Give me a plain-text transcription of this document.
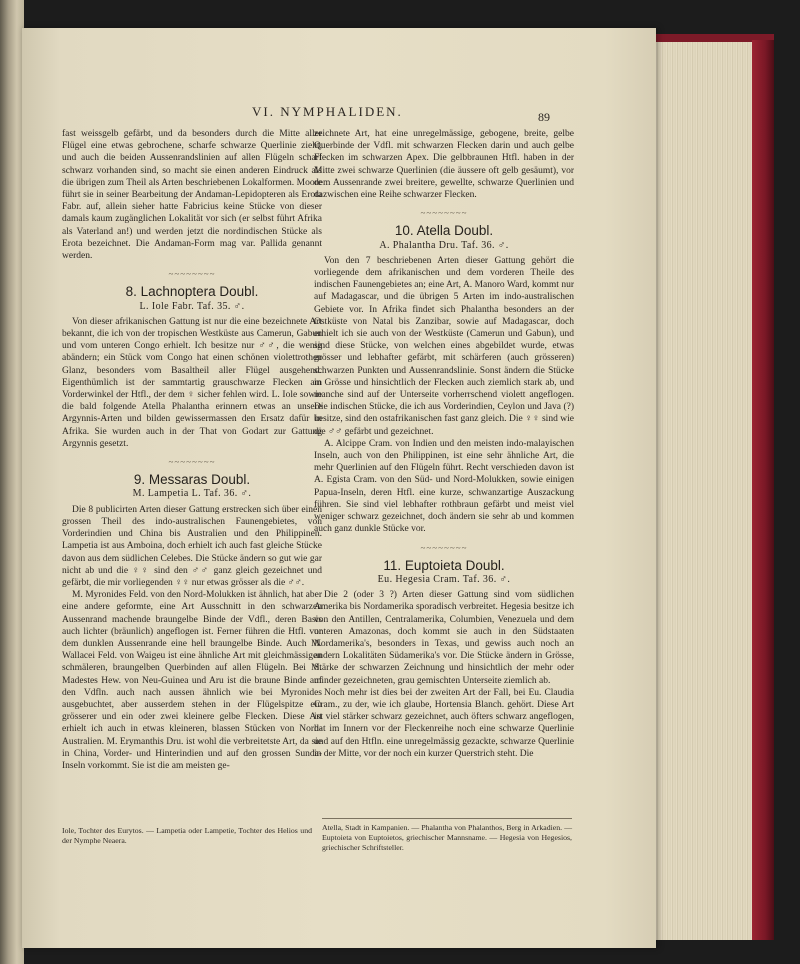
VI. NYMPHALIDEN.	89

fast weissgelb gefärbt, und da besonders durch die Mitte aller Flügel eine etwas gebrochene, scharfe schwarze Querlinie zieht, und auch die beiden Aussenrandslinien auf allen Flügeln scharf schwarz vorhanden sind, so macht sie einen anderen Eindruck als die übrigen zum Theil als Arten beschriebenen Lokalformen. Moore führt sie in seiner Bearbeitung der Andaman-Lepidopteren als Erota Fabr. auf, allein sieher hatte Fabricius keine Stücke von dieser damals kaum zugänglichen Lokalität vor sich (er selbst führt Afrika als Vaterland an!) und werden jetzt die nordindischen Stücke als Erota bezeichnet. Die Andaman-Form mag var. Pallida genannt werden.

~~~~~~~~
8. Lachnoptera Doubl.
L. Iole Fabr. Taf. 35. ♂.

Von dieser afrikanischen Gattung ist nur die eine bezeichnete Art bekannt, die ich von der tropischen Westküste aus Camerun, Gabun und vom unteren Congo erhielt. Ich besitze nur ♂♂, die wenig abändern; ein Stück vom Congo hat einen schönen violettrothen Glanz, besonders vom Basaltheil aller Flügel ausgehend. Eigenthümlich ist der sammtartig grauschwarze Flecken am Vorderwinkel der Htfl., der dem ♀ sicher fehlen wird. L. Iole sowie die bald folgende Atella Phalantha erinnern etwas an unsere Argynnis-Arten und bilden gewissermassen den Ersatz dafür in Afrika. Sie wurden auch in der That von Godart zur Gattung Argynnis gesetzt.

~~~~~~~~
9. Messaras Doubl.
M. Lampetia L. Taf. 36. ♂.

Die 8 publicirten Arten dieser Gattung erstrecken sich über einen grossen Theil des indo-australischen Faunengebietes, von Vorderindien und China bis Australien und den Philippinen. Lampetia ist aus Amboina, doch erhielt ich auch fast gleiche Stücke davon aus dem südlichen Celebes. Die Stücke ändern so gut wie gar nicht ab und die ♀♀ sind den ♂♂ ganz gleich gezeichnet und gefärbt, die mir vorliegenden ♀♀ nur etwas grösser als die ♂♂.

M. Myronides Feld. von den Nord-Molukken ist ähnlich, hat aber eine andere geformte, eine Art Ausschnitt in den schwarzen Aussenrand machende braungelbe Binde der Vdfl., deren Basis auch lichter (bräunlich) angeflogen ist. Ferner führen die Htfl. vor dem dunklen Aussenrande eine hell braungelbe Binde. Auch M. Wallacei Feld. von Waigeu ist eine ähnliche Art mit gleichmässigen schmäleren, braungelben Querbinden auf allen Flügeln. Bei M. Madestes Hew. von Neu-Guinea und Aru ist die braune Binde auf den Vdfln. auch nach aussen ähnlich wie bei Myronides ausgebuchtet, aber ausserdem stehen in der Flügelspitze ein grösserer und ein oder zwei kleinere gelbe Flecken. Diese Art erhielt ich auch in etwas kleineren, blassen Stücken von Nord-Australien. M. Erymanthis Dru. ist wohl die verbreitetste Art, da sie in China, Vorder- und Hinterindien und auf den grossen Sunda-Inseln vorkommt. Sie ist die am meisten ge-

Iole, Tochter des Eurytos. — Lampetia oder Lampetie, Tochter des Helios und der Nymphe Neaera.

zeichnete Art, hat eine unregelmässige, gebogene, breite, gelbe Querbinde der Vdfl. mit schwarzen Flecken darin und auch gelbe Flecken im schwarzen Apex. Die gelbbraunen Htfl. haben in der Mitte zwei schwarze Querlinien (die äussere oft gelb gesäumt), vor dem Aussenrande zwei breitere, gewellte, schwarze Querlinien und dazwischen eine Reihe schwarzer Flecken.

~~~~~~~~
10. Atella Doubl.
A. Phalantha Dru. Taf. 36. ♂.

Von den 7 beschriebenen Arten dieser Gattung gehört die vorliegende dem afrikanischen und dem vorderen Theile des indischen Faunengebietes an; eine Art, A. Manoro Ward, kommt nur auf Madagascar, und die übrigen 5 Arten im indo-australischen Gebiete vor. In Afrika findet sich Phalantha besonders an der Ostküste von Natal bis Zanzibar, sowie auf Madagascar, doch erhielt ich sie auch von der Westküste (Camerun und Gabun), und sind diese Stücke, von welchen eines abgebildet wurde, etwas grösser und lebhafter gefärbt, mit schärferen (auch grösseren) schwarzen Punkten und Aussenrandslinie. Sonst ändern die Stücke in Grösse und hinsichtlich der Flecken auch ziemlich stark ab, und manche sind auf der Unterseite vorherrschend violett angeflogen. Die indischen Stücke, die ich aus Vorderindien, Ceylon und Java (?) besitze, sind den ostafrikanischen fast ganz gleich. Die ♀♀ sind wie die ♂♂ gefärbt und gezeichnet.

A. Alcippe Cram. von Indien und den meisten indo-malayischen Inseln, auch von den Philippinen, ist eine sehr ähnliche Art, die mehr Querlinien auf den Flügeln führt. Recht verschieden davon ist A. Egista Cram. von den Süd- und Nord-Molukken, sowie einigen Papua-Inseln, deren Htfl. eine kurze, schwanzartige Auszackung führen. Sie sind viel lebhafter rothbraun gefärbt und meist viel weniger schwarz gezeichnet, doch ändern sie sehr ab und kommen auch ganz dunkle Stücke vor.

~~~~~~~~
11. Euptoieta Doubl.
Eu. Hegesia Cram. Taf. 36. ♂.

Die 2 (oder 3 ?) Arten dieser Gattung sind vom südlichen Amerika bis Nordamerika sporadisch verbreitet. Hegesia besitze ich von den Antillen, Centralamerika, Columbien, Venezuela und dem unteren Amazonas, doch kommt sie auch in den Südstaaten Nordamerika's, besonders in Texas, und gewiss auch noch an andern Lokalitäten Südamerika's vor. Die Stücke ändern in Grösse, Stärke der schwarzen Zeichnung und hinsichtlich der mehr oder minder gezeichneten, grau gemischten Unterseite ziemlich ab.

Noch mehr ist dies bei der zweiten Art der Fall, bei Eu. Claudia Cram., zu der, wie ich glaube, Hortensia Blanch. gehört. Diese Art ist viel stärker schwarz gezeichnet, auch öfters schwarz angeflogen, hat im Innern vor der Fleckenreihe noch eine schwarze Querlinie und auf den Htfln. eine unregelmässig gezackte, schwarze Querlinie in der Mitte, vor der noch ein kurzer Querstrich steht. Die

Atella, Stadt in Kampanien. — Phalantha von Phalanthos, Berg in Arkadien. — Euptoieta von Euptoietos, griechischer Mannsname. — Hegesia von Hegesios, griechischer Schriftsteller.
